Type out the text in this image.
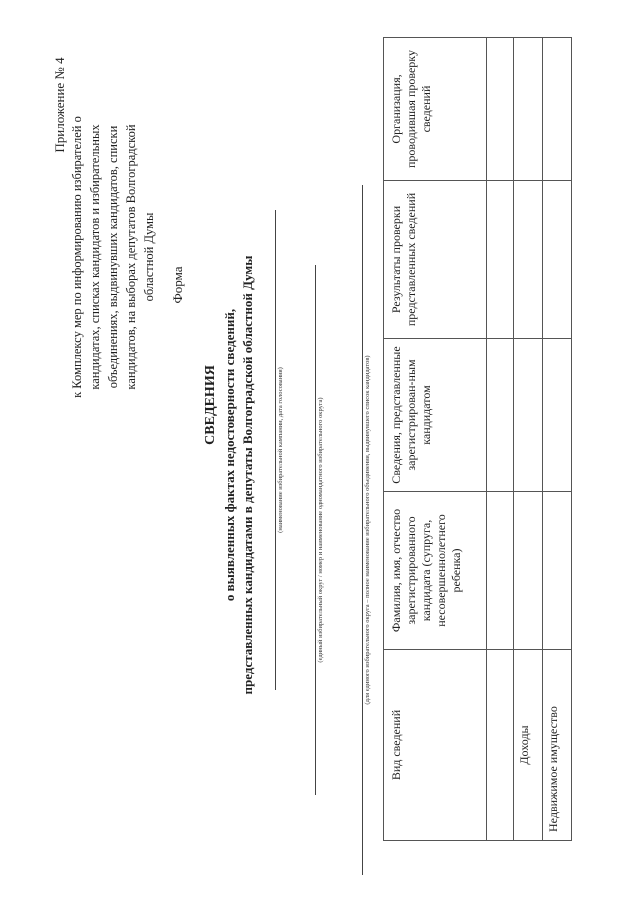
Приложение № 4
к Комплексу мер по информированию избирателей о кандидатах, списках кандидатов и избирательных объединениях, выдвинувших кандидатов, списки кандидатов, на выборах депутатов Волгоградской областной Думы Форма
СВЕДЕНИЯ о выявленных фактах недостоверности сведений, представленных кандидатами в депутаты Волгоградской областной Думы	(наименование избирательной кампании, дата голосования)	(единый избирательный округ / номер и наименование одномандатного избирательного округа)	(для единого избирательного округа – полное наименование избирательного объединения, выдвинувшего список кандидатов)
Вид сведений	Фамилия, имя, отчество зарегистрированного кандидата (супруга, несовершеннолетнего ребенка)	Сведения, представленные зарегистрирован-ным кандидатом	Результаты проверки представленных сведений	Организация, проводившая проверку сведений

Доходы				
Недвижимое имущество				
